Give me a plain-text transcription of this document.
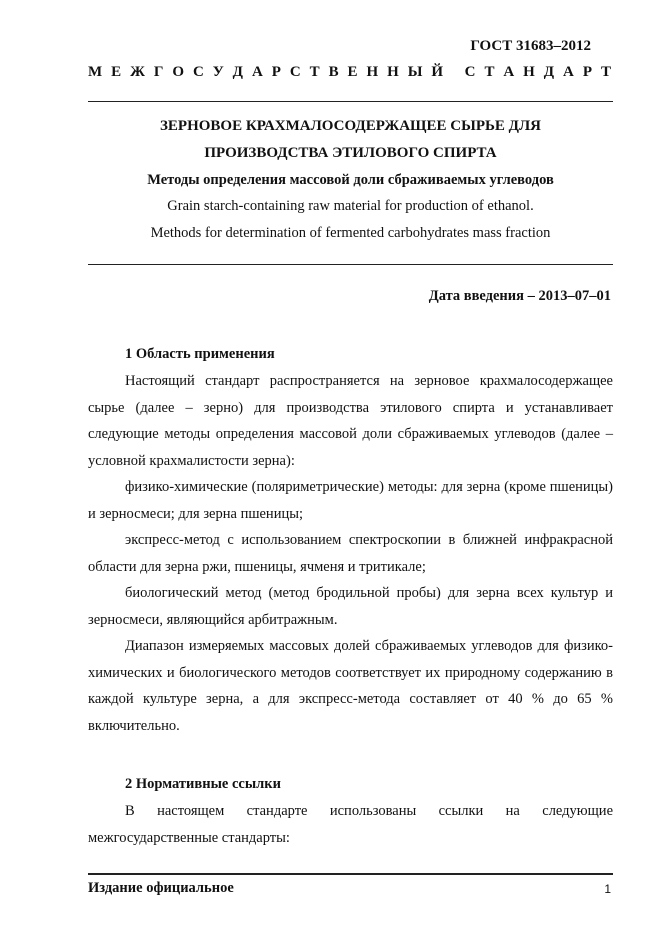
ГОСТ 31683–2012
М Е Ж Г О С У Д А Р С Т В Е Н Н Ы Й
С Т А Н Д А Р Т
ЗЕРНОВОЕ КРАХМАЛОСОДЕРЖАЩЕЕ СЫРЬЕ ДЛЯ
ПРОИЗВОДСТВА ЭТИЛОВОГО СПИРТА
Методы определения массовой доли сбраживаемых углеводов
Grain starch-containing raw material for production of ethanol.
Methods for determination of fermented carbohydrates mass fraction
Дата введения – 2013–07–01
1 Область применения

Настоящий стандарт распространяется на зерновое крахмалосодержащее сырье (далее – зерно) для производства этилового спирта и устанавливает следующие методы определения массовой доли сбраживаемых углеводов (далее – условной крахмалистости зерна):

физико-химические (поляриметрические) методы: для зерна (кроме пшеницы) и зерносмеси; для зерна пшеницы;

экспресс-метод с использованием спектроскопии в ближней инфракрасной области для зерна ржи, пшеницы, ячменя и тритикале;

биологический метод (метод бродильной пробы) для зерна всех культур и зерносмеси, являющийся арбитражным.

Диапазон измеряемых массовых долей сбраживаемых углеводов для физико-химических и биологического методов соответствует их природному содержанию в каждой культуре зерна, а для экспресс-метода составляет от 40 % до 65 % включительно.

2 Нормативные ссылки

В настоящем стандарте использованы ссылки на следующие межгосударственные стандарты:

Издание официальное	1
